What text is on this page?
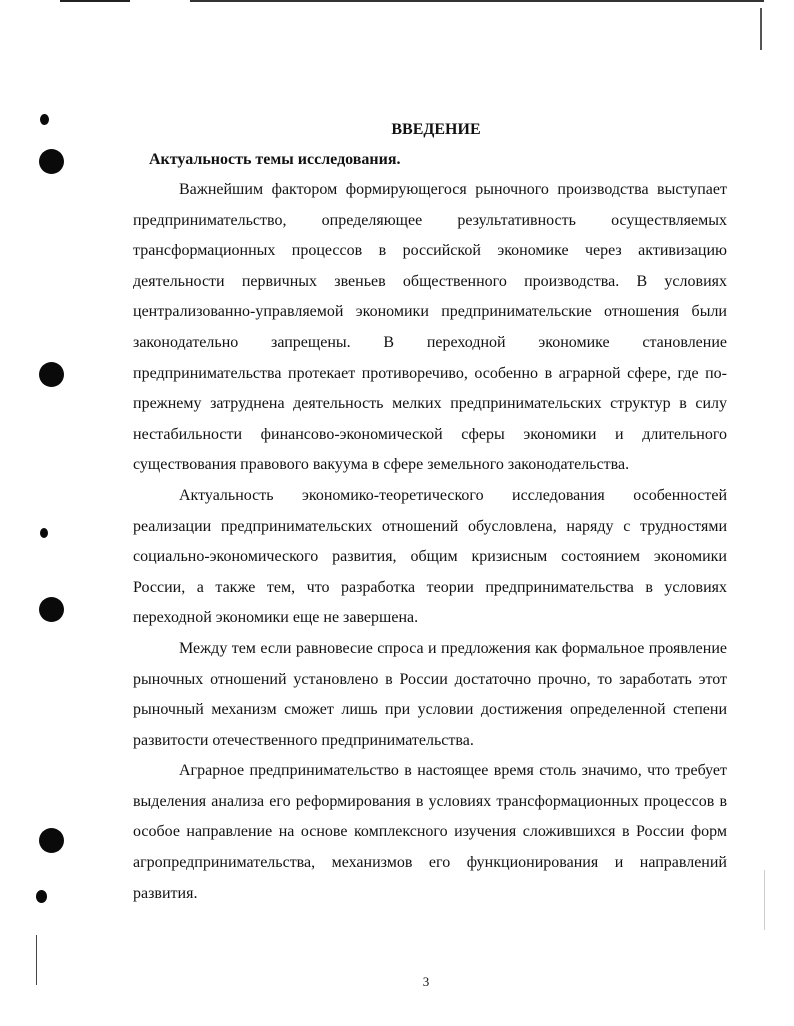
ВВЕДЕНИЕ
Актуальность темы исследования.

Важнейшим фактором формирующегося рыночного производства выступает предпринимательство, определяющее результативность осуществляемых трансформационных процессов в российской экономике через активизацию деятельности первичных звеньев общественного производства. В условиях централизованно-управляемой экономики предпринимательские отношения были законодательно запрещены. В переходной экономике становление предпринимательства протекает противоречиво, особенно в аграрной сфере, где по-прежнему затруднена деятельность мелких предпринимательских структур в силу нестабильности финансово-экономической сферы экономики и длительного существования правового вакуума в сфере земельного законодательства.

Актуальность экономико-теоретического исследования особенностей реализации предпринимательских отношений обусловлена, наряду с трудностями социально-экономического развития, общим кризисным состоянием экономики России, а также тем, что разработка теории предпринимательства в условиях переходной экономики еще не завершена.

Между тем если равновесие спроса и предложения как формальное проявление рыночных отношений установлено в России достаточно прочно, то заработать этот рыночный механизм сможет лишь при условии достижения определенной степени развитости отечественного предпринимательства.

Аграрное предпринимательство в настоящее время столь значимо, что требует выделения анализа его реформирования в условиях трансформационных процессов в особое направление на основе комплексного изучения сложившихся в России форм агропредпринимательства, механизмов его функционирования и направлений развития.

3
